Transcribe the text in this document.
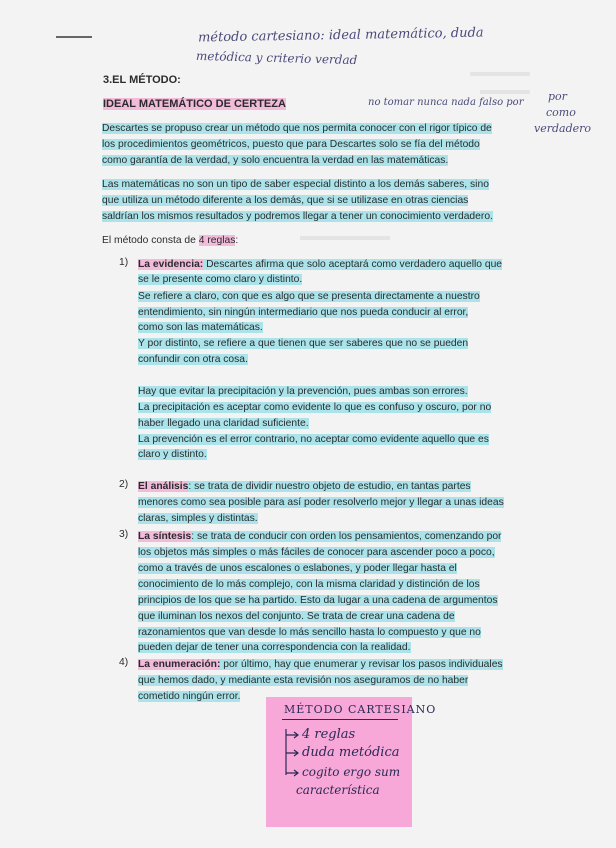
método cartesiano: ideal matemático, duda
metódica y criterio verdad
no tomar nunca nada falso por por
como
verdadero
3.EL MÉTODO:
IDEAL MATEMÁTICO DE CERTEZA
Descartes se propuso crear un método que nos permita conocer con el rigor típico de
los procedimientos geométricos, puesto que para Descartes solo se fía del método
como garantía de la verdad, y solo encuentra la verdad en las matemáticas.
Las matemáticas no son un tipo de saber especial distinto a los demás saberes, sino
que utiliza un método diferente a los demás, que si se utilizase en otras ciencias
saldrían los mismos resultados y podremos llegar a tener un conocimiento verdadero.
El método consta de 4 reglas:
1) La evidencia: Descartes afirma que solo aceptará como verdadero aquello que
se le presente como claro y distinto.
Se refiere a claro, con que es algo que se presenta directamente a nuestro
entendimiento, sin ningún intermediario que nos pueda conducir al error,
como son las matemáticas.
Y por distinto, se refiere a que tienen que ser saberes que no se pueden
confundir con otra cosa.
Hay que evitar la precipitación y la prevención, pues ambas son errores.
La precipitación es aceptar como evidente lo que es confuso y oscuro, por no
haber llegado una claridad suficiente.
La prevención es el error contrario, no aceptar como evidente aquello que es
claro y distinto.
2) El análisis: se trata de dividir nuestro objeto de estudio, en tantas partes
menores como sea posible para así poder resolverlo mejor y llegar a unas ideas
claras, simples y distintas.
3) La síntesis: se trata de conducir con orden los pensamientos, comenzando por
los objetos más simples o más fáciles de conocer para ascender poco a poco,
como a través de unos escalones o eslabones, y poder llegar hasta el
conocimiento de lo más complejo, con la misma claridad y distinción de los
principios de los que se ha partido. Esto da lugar a una cadena de argumentos
que iluminan los nexos del conjunto. Se trata de crear una cadena de
razonamientos que van desde lo más sencillo hasta lo compuesto y que no
pueden dejar de tener una correspondencia con la realidad.
4) La enumeración: por último, hay que enumerar y revisar los pasos individuales
que hemos dado, y mediante esta revisión nos aseguramos de no haber
cometido ningún error.
MÉTODO CARTESIANO
4 reglas
duda metódica
cogito ergo sum
característica
